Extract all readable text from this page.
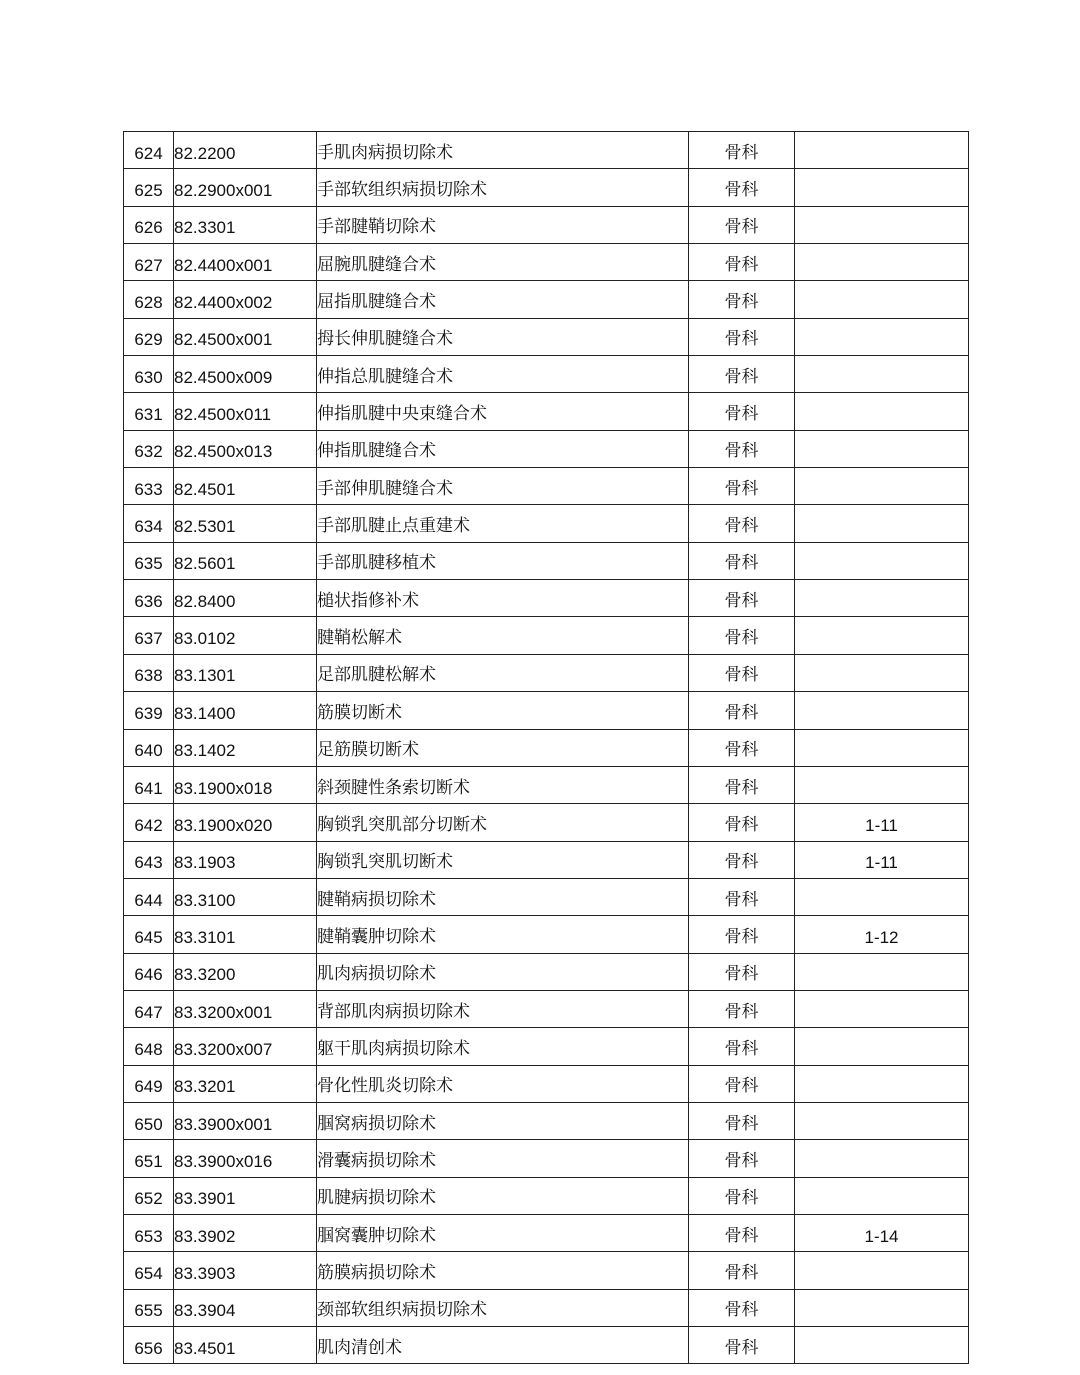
624	82.2200	手肌肉病损切除术	骨科	
625	82.2900x001	手部软组织病损切除术	骨科	
626	82.3301	手部腱鞘切除术	骨科	
627	82.4400x001	屈腕肌腱缝合术	骨科	
628	82.4400x002	屈指肌腱缝合术	骨科	
629	82.4500x001	拇长伸肌腱缝合术	骨科	
630	82.4500x009	伸指总肌腱缝合术	骨科	
631	82.4500x011	伸指肌腱中央束缝合术	骨科	
632	82.4500x013	伸指肌腱缝合术	骨科	
633	82.4501	手部伸肌腱缝合术	骨科	
634	82.5301	手部肌腱止点重建术	骨科	
635	82.5601	手部肌腱移植术	骨科	
636	82.8400	槌状指修补术	骨科	
637	83.0102	腱鞘松解术	骨科	
638	83.1301	足部肌腱松解术	骨科	
639	83.1400	筋膜切断术	骨科	
640	83.1402	足筋膜切断术	骨科	
641	83.1900x018	斜颈腱性条索切断术	骨科	
642	83.1900x020	胸锁乳突肌部分切断术	骨科	1-11
643	83.1903	胸锁乳突肌切断术	骨科	1-11
644	83.3100	腱鞘病损切除术	骨科	
645	83.3101	腱鞘囊肿切除术	骨科	1-12
646	83.3200	肌肉病损切除术	骨科	
647	83.3200x001	背部肌肉病损切除术	骨科	
648	83.3200x007	躯干肌肉病损切除术	骨科	
649	83.3201	骨化性肌炎切除术	骨科	
650	83.3900x001	腘窝病损切除术	骨科	
651	83.3900x016	滑囊病损切除术	骨科	
652	83.3901	肌腱病损切除术	骨科	
653	83.3902	腘窝囊肿切除术	骨科	1-14
654	83.3903	筋膜病损切除术	骨科	
655	83.3904	颈部软组织病损切除术	骨科	
656	83.4501	肌肉清创术	骨科	
